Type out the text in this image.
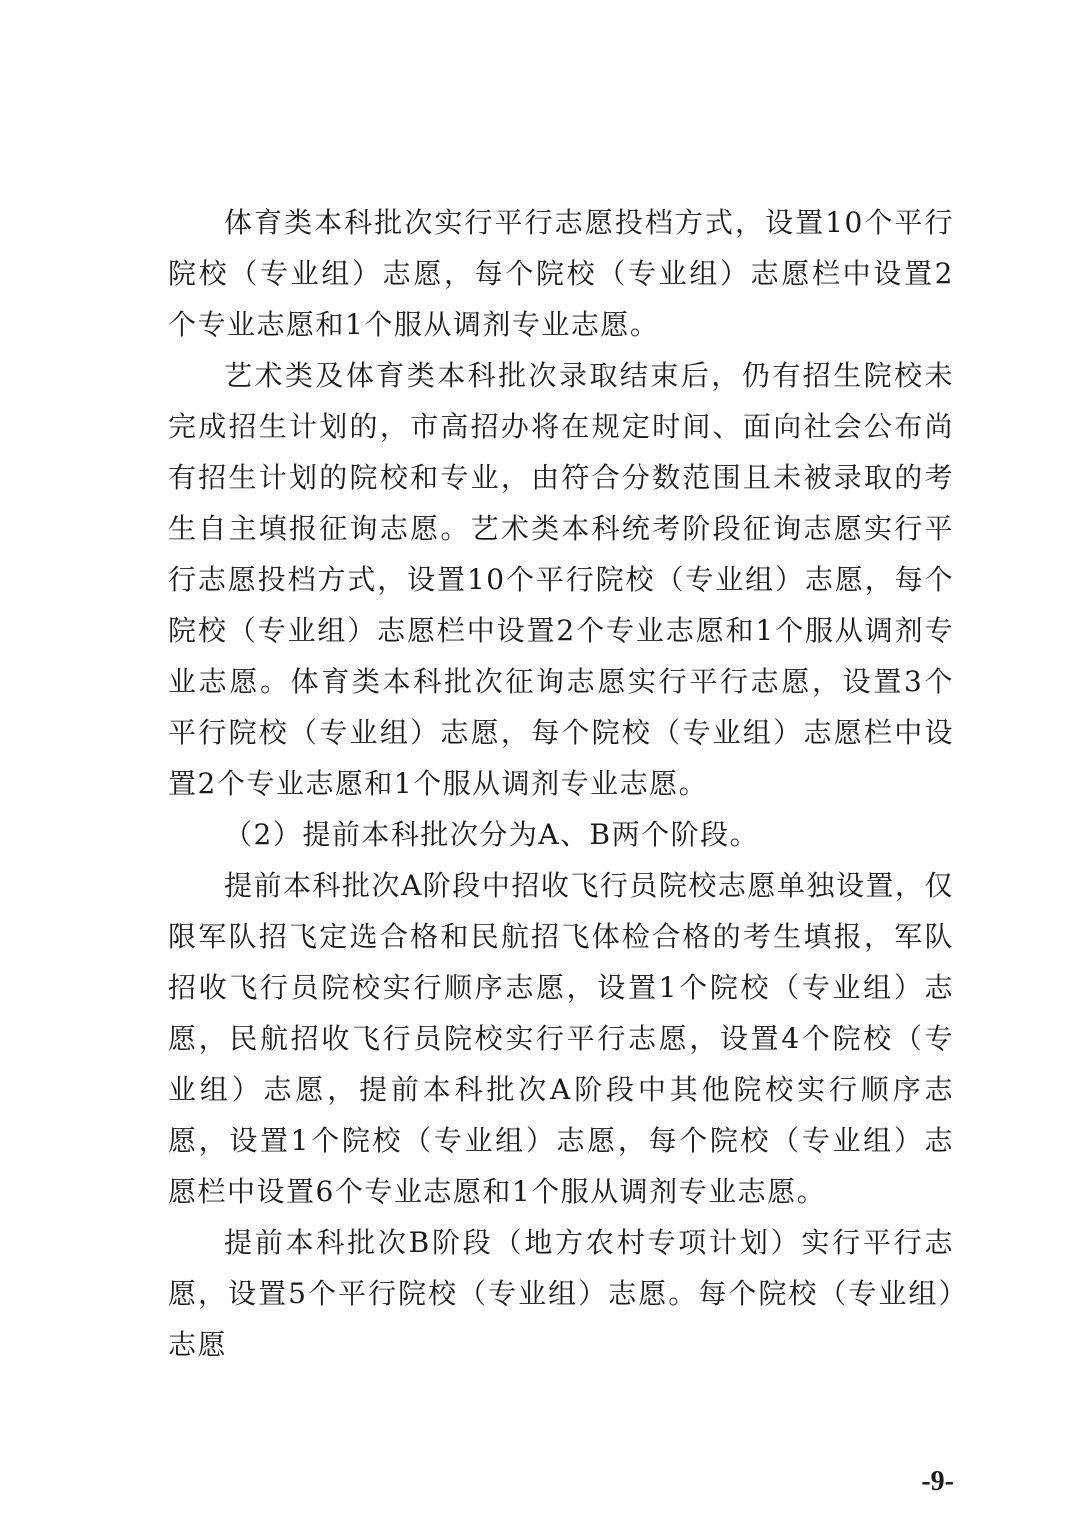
体育类本科批次实行平行志愿投档方式，设置10个平行院校（专业组）志愿，每个院校（专业组）志愿栏中设置2个专业志愿和1个服从调剂专业志愿。

艺术类及体育类本科批次录取结束后，仍有招生院校未完成招生计划的，市高招办将在规定时间、面向社会公布尚有招生计划的院校和专业，由符合分数范围且未被录取的考生自主填报征询志愿。艺术类本科统考阶段征询志愿实行平行志愿投档方式，设置10个平行院校（专业组）志愿，每个院校（专业组）志愿栏中设置2个专业志愿和1个服从调剂专业志愿。体育类本科批次征询志愿实行平行志愿，设置3个平行院校（专业组）志愿，每个院校（专业组）志愿栏中设置2个专业志愿和1个服从调剂专业志愿。

（2）提前本科批次分为A、B两个阶段。

提前本科批次A阶段中招收飞行员院校志愿单独设置，仅限军队招飞定选合格和民航招飞体检合格的考生填报，军队招收飞行员院校实行顺序志愿，设置1个院校（专业组）志愿，民航招收飞行员院校实行平行志愿，设置4个院校（专业组）志愿，提前本科批次A阶段中其他院校实行顺序志愿，设置1个院校（专业组）志愿，每个院校（专业组）志愿栏中设置6个专业志愿和1个服从调剂专业志愿。

提前本科批次B阶段（地方农村专项计划）实行平行志愿，设置5个平行院校（专业组）志愿。每个院校（专业组）志愿

-9-
